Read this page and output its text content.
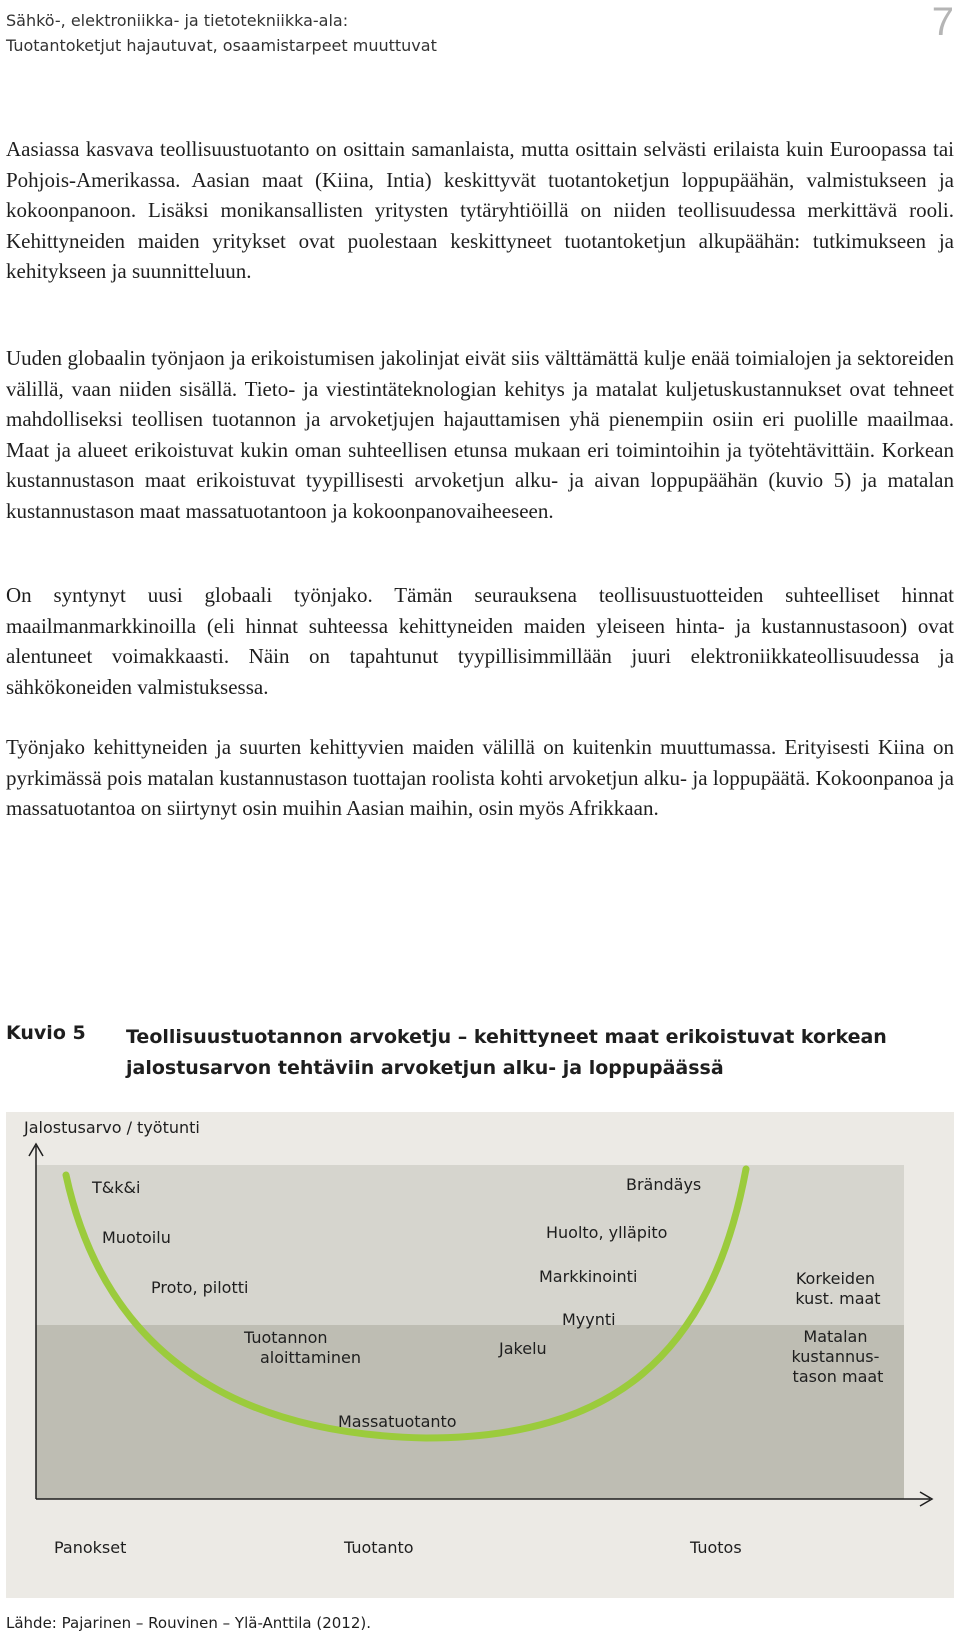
Sähkö-, elektroniikka- ja tietotekniikka-ala:
Tuotantoketjut hajautuvat, osaamistarpeet muuttuvat
7

Aasiassa kasvava teollisuustuotanto on osittain samanlaista, mutta osittain selvästi erilaista kuin Euroopassa tai Pohjois-Amerikassa. Aasian maat (Kiina, Intia) keskittyvät tuotantoketjun loppupäähän, valmistukseen ja kokoonpanoon. Lisäksi monikansallisten yritysten tytäryhtiöillä on niiden teollisuudessa merkittävä rooli. Kehittyneiden maiden yritykset ovat puolestaan keskittyneet tuotantoketjun alkupäähän: tutkimukseen ja kehitykseen ja suunnitteluun.

Uuden globaalin työnjaon ja erikoistumisen jakolinjat eivät siis välttämättä kulje enää toimialojen ja sektoreiden välillä, vaan niiden sisällä. Tieto- ja viestintäteknologian kehitys ja matalat kuljetuskustannukset ovat tehneet mahdolliseksi teollisen tuotannon ja arvoketjujen hajauttamisen yhä pienempiin osiin eri puolille maailmaa. Maat ja alueet erikoistuvat kukin oman suhteellisen etunsa mukaan eri toimintoihin ja työtehtävittäin. Korkean kustannustason maat erikoistuvat tyypillisesti arvoketjun alku- ja aivan loppupäähän (kuvio 5) ja matalan kustannustason maat massatuotantoon ja kokoonpanovaiheeseen.

On syntynyt uusi globaali työnjako. Tämän seurauksena teollisuustuotteiden suhteelliset hinnat maailmanmarkkinoilla (eli hinnat suhteessa kehittyneiden maiden yleiseen hinta- ja kustannustasoon) ovat alentuneet voimakkaasti. Näin on tapahtunut tyypillisimmillään juuri elektroniikkateollisuudessa ja sähkökoneiden valmistuksessa.

Työnjako kehittyneiden ja suurten kehittyvien maiden välillä on kuitenkin muuttumassa. Erityisesti Kiina on pyrkimässä pois matalan kustannustason tuottajan roolista kohti arvoketjun alku- ja loppupäätä. Kokoonpanoa ja massatuotantoa on siirtynyt osin muihin Aasian maihin, osin myös Afrikkaan.

Kuvio 5 Teollisuustuotannon arvoketju – kehittyneet maat erikoistuvat korkean jalostusarvon tehtäviin arvoketjun alku- ja loppupäässä
Jalostusarvo / työtunti
T&k&i
Muotoilu
Proto, pilotti
Tuotannon aloittaminen
Massatuotanto
Jakelu
Myynti
Markkinointi
Huolto, ylläpito
Brändäys
Korkeiden kust. maat
Matalan kustannus- tason maat
Panokset	Tuotanto	Tuotos
Lähde: Pajarinen – Rouvinen – Ylä-Anttila (2012).
